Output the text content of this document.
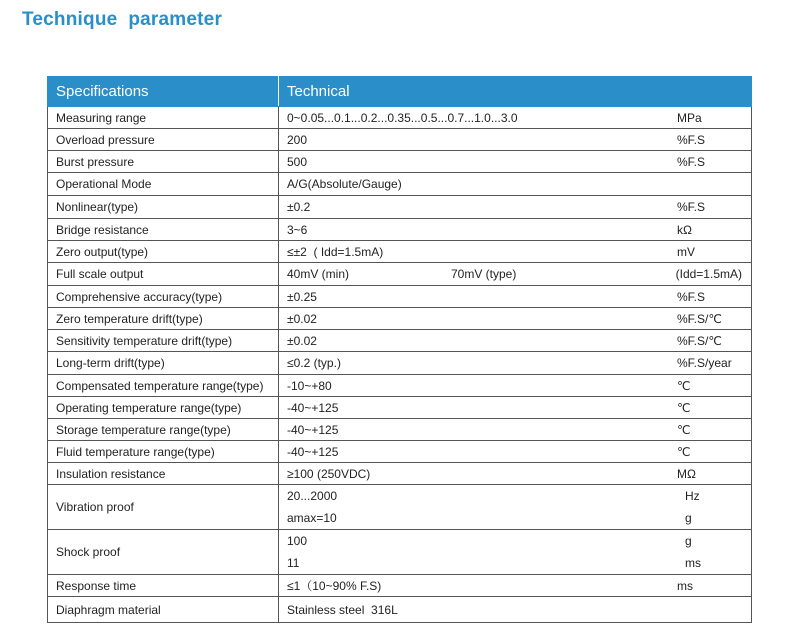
Technique  parameter
Specifications	Technical
Measuring range	0~0.05...0.1...0.2...0.35...0.5...0.7...1.0...3.0 MPa

Overload pressure	200 %F.S

Burst pressure	500 %F.S

Operational Mode	A/G(Absolute/Gauge)

Nonlinear(type)	±0.2 %F.S

Bridge resistance	3~6 kΩ

Zero output(type)	≤±2  ( Idd=1.5mA) mV

Full scale output	40mV (min) 70mV (type) (Idd=1.5mA)

Comprehensive accuracy(type)	±0.25 %F.S

Zero temperature drift(type)	±0.02 %F.S/℃

Sensitivity temperature drift(type)	±0.02 %F.S/℃

Long-term drift(type)	≤0.2 (typ.) %F.S/year

Compensated temperature range(type)	-10~+80 ℃

Operating temperature range(type)	-40~+125 ℃

Storage temperature range(type)	-40~+125 ℃

Fluid temperature range(type)	-40~+125 ℃

Insulation resistance	≥100 (250VDC) MΩ

Vibration proof	20...2000 Hz
amax=10 g

Shock proof	100 g
11 ms

Response time	≤1（10~90% F.S) ms

Diaphragm material	Stainless steel  316L
